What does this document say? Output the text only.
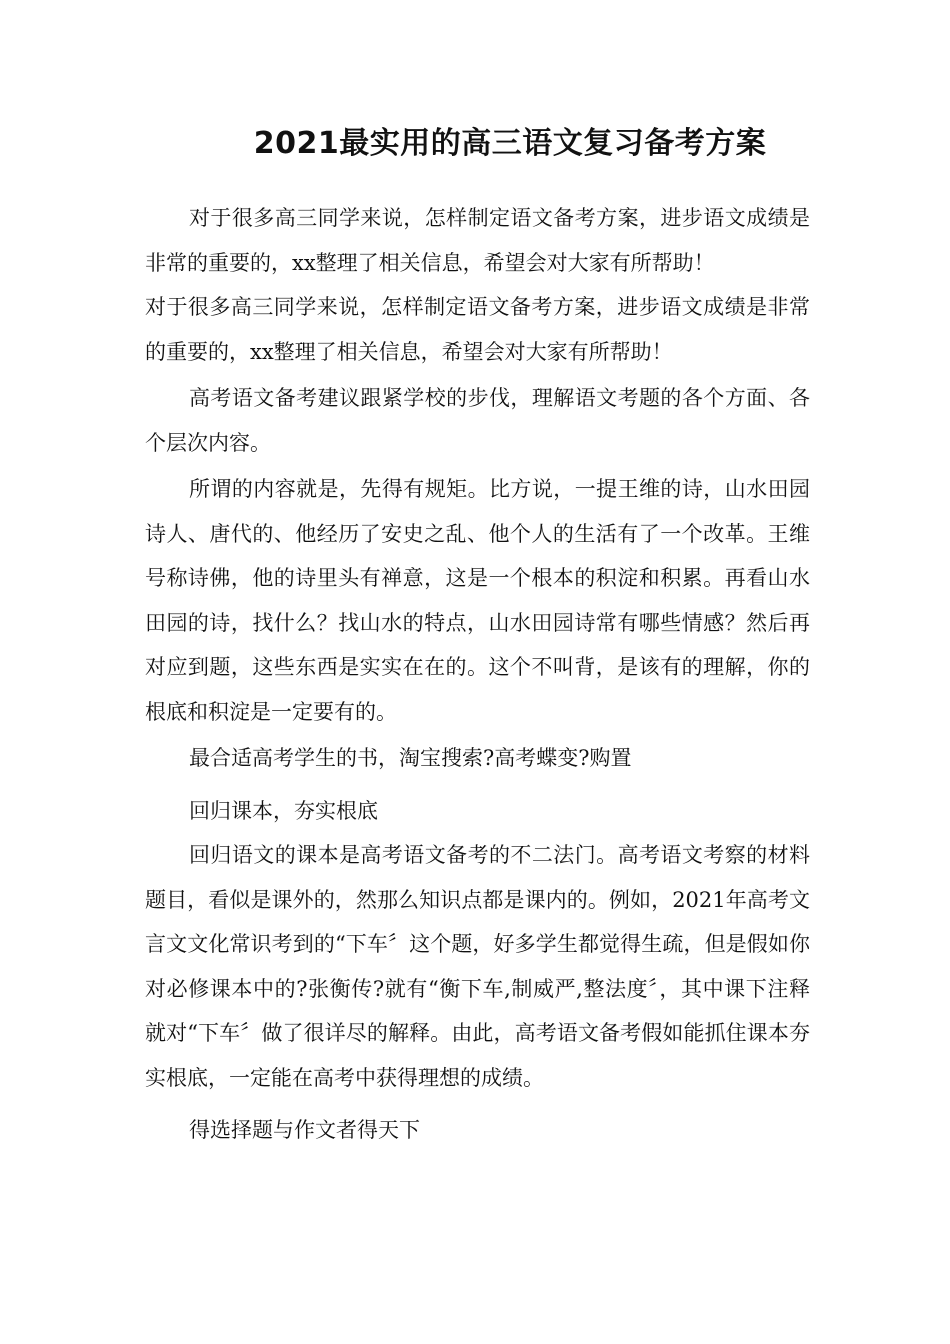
2021最实用的高三语文复习备考方案

对于很多高三同学来说，怎样制定语文备考方案，进步语文成绩是非常的重要的，xx整理了相关信息，希望会对大家有所帮助！

对于很多高三同学来说，怎样制定语文备考方案，进步语文成绩是非常的重要的，xx整理了相关信息，希望会对大家有所帮助！

高考语文备考建议跟紧学校的步伐，理解语文考题的各个方面、各个层次内容。

所谓的内容就是，先得有规矩。比方说，一提王维的诗，山水田园诗人、唐代的、他经历了安史之乱、他个人的生活有了一个改革。王维号称诗佛，他的诗里头有禅意，这是一个根本的积淀和积累。再看山水田园的诗，找什么？找山水的特点，山水田园诗常有哪些情感？然后再对应到题，这些东西是实实在在的。这个不叫背，是该有的理解，你的根底和积淀是一定要有的。

最合适高考学生的书，淘宝搜索?高考蝶变?购置

回归课本，夯实根底

回归语文的课本是高考语文备考的不二法门。高考语文考察的材料题目，看似是课外的，然那么知识点都是课内的。例如，2021年高考文言文文化常识考到的“下车〞这个题，好多学生都觉得生疏，但是假如你对必修课本中的?张衡传?就有“衡下车,制威严,整法度〞，其中课下注释就对“下车〞做了很详尽的解释。由此，高考语文备考假如能抓住课本夯实根底，一定能在高考中获得理想的成绩。

得选择题与作文者得天下
